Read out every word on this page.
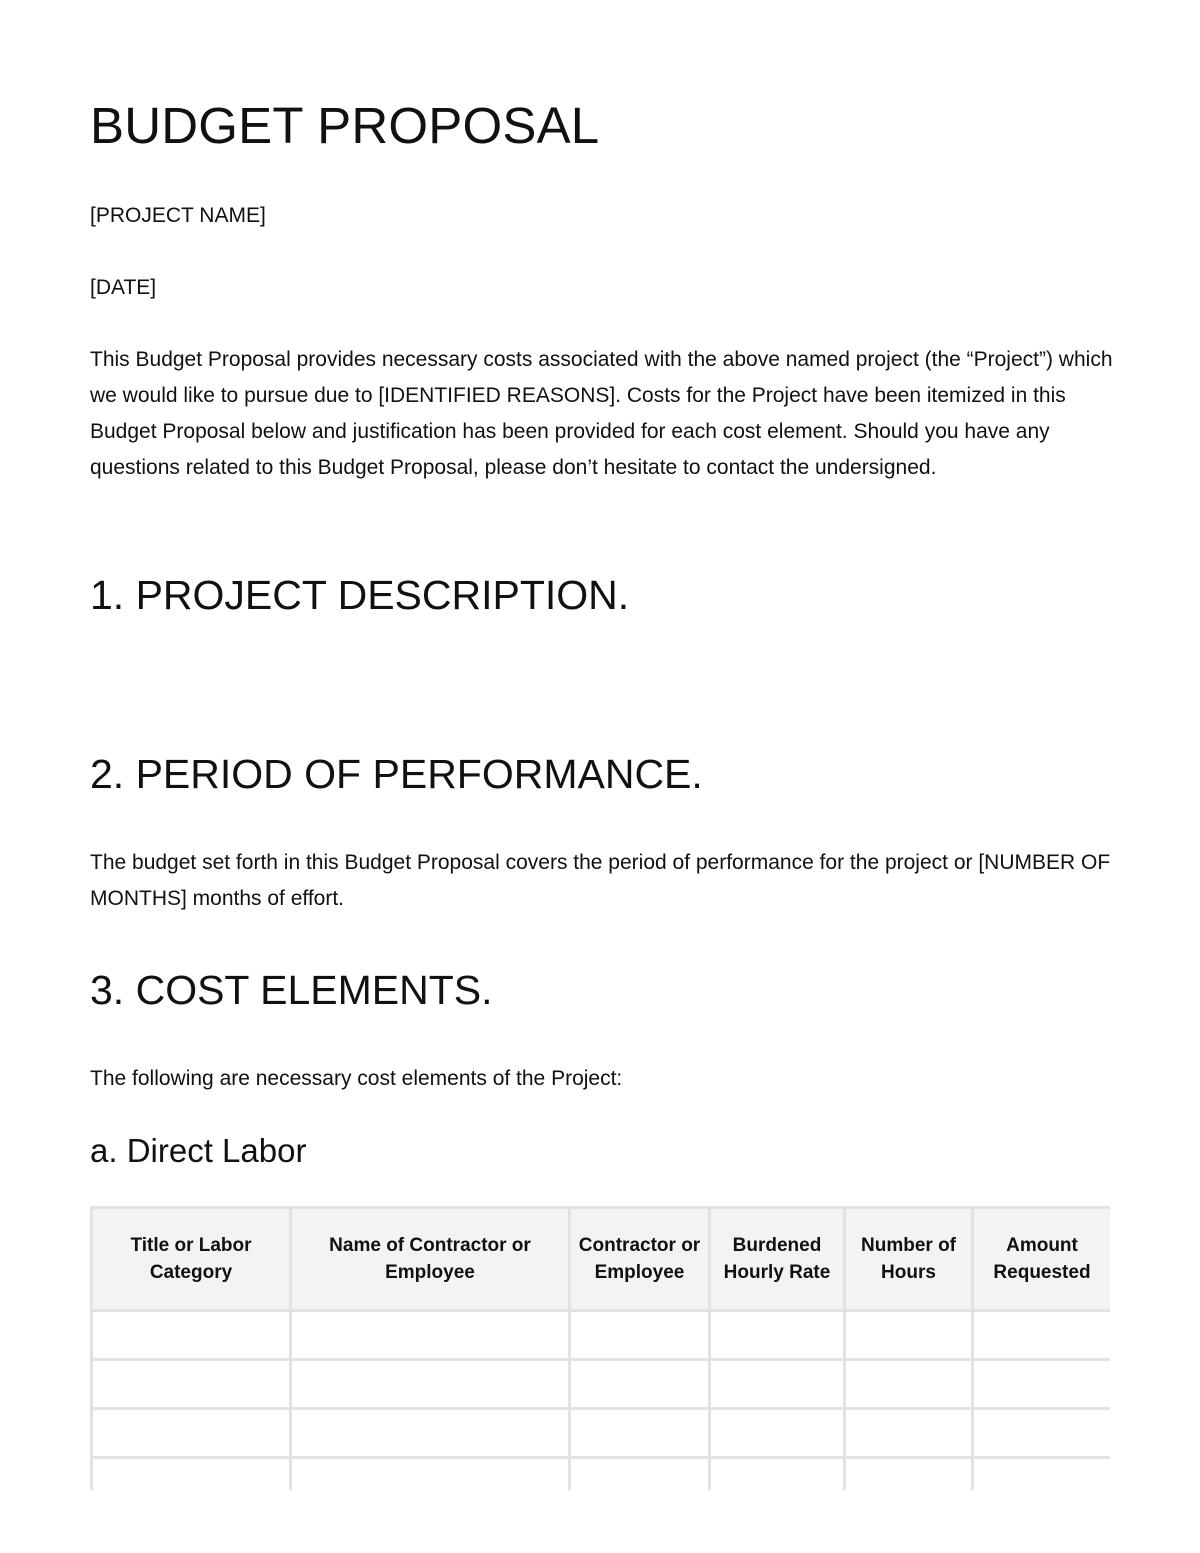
BUDGET PROPOSAL

[PROJECT NAME]

[DATE]

This Budget Proposal provides necessary costs associated with the above named project (the “Project”) which we would like to pursue due to [IDENTIFIED REASONS]. Costs for the Project have been itemized in this Budget Proposal below and justification has been provided for each cost element. Should you have any questions related to this Budget Proposal, please don’t hesitate to contact the undersigned.

1. PROJECT DESCRIPTION.
2. PERIOD OF PERFORMANCE.

The budget set forth in this Budget Proposal covers the period of performance for the project or [NUMBER OF MONTHS] months of effort.

3. COST ELEMENTS.

The following are necessary cost elements of the Project:

a. Direct Labor
Title or Labor Category	Name of Contractor or Employee	Contractor or Employee	Burdened Hourly Rate	Number of Hours	Amount Requested
